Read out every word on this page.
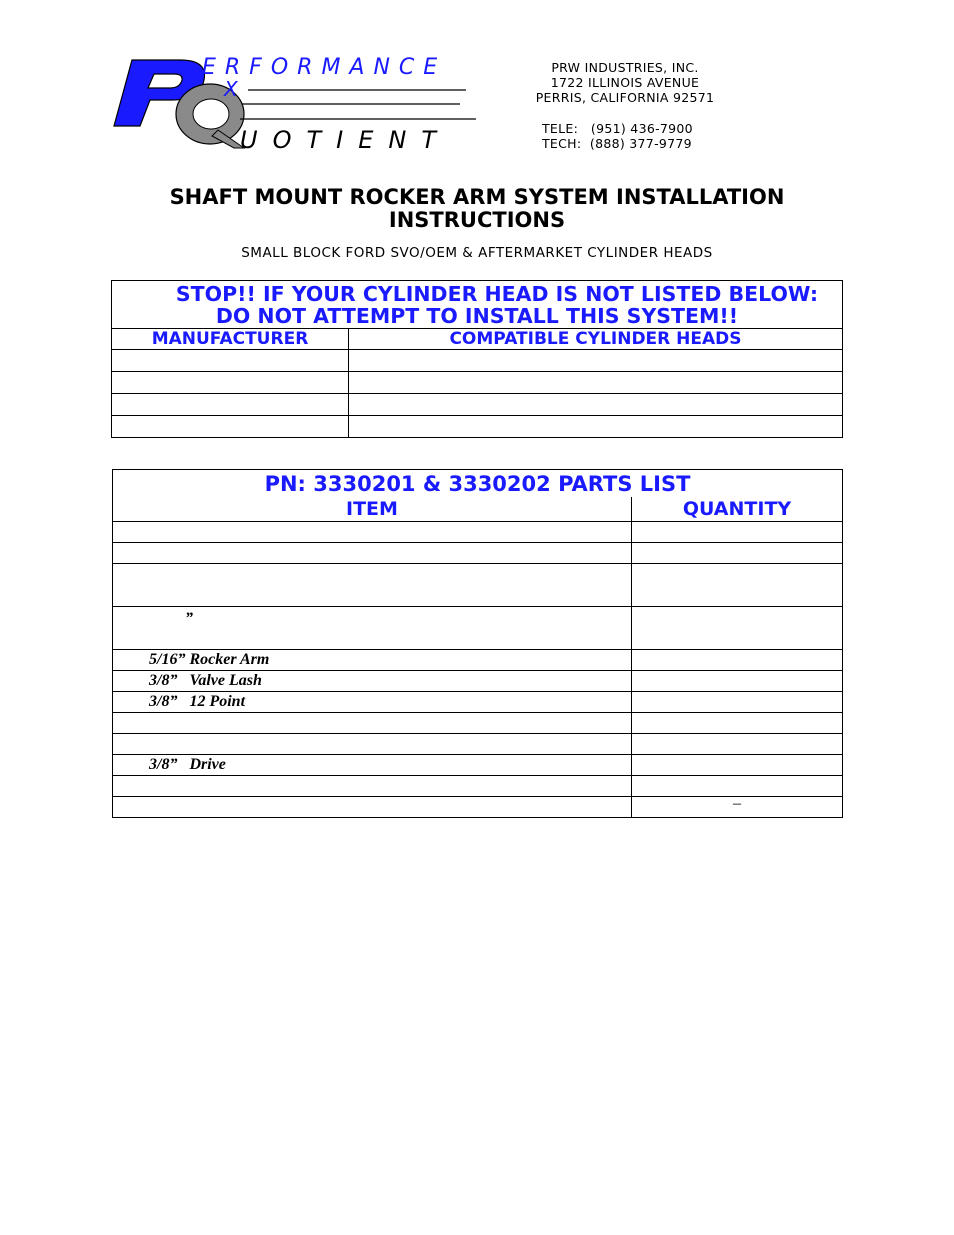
X
ERFORMANCE
UOTIENT
PRW INDUSTRIES, INC.
1722 ILLINOIS AVENUE
PERRIS, CALIFORNIA 92571
TELE:   (951) 436-7900
TECH:  (888) 377-9779
SHAFT MOUNT ROCKER ARM SYSTEM INSTALLATION
INSTRUCTIONS
SMALL BLOCK FORD SVO/OEM & AFTERMARKET CYLINDER HEADS
STOP!! IF YOUR CYLINDER HEAD IS NOT LISTED BELOW:
DO NOT ATTEMPT TO INSTALL THIS SYSTEM!!	

MANUFACTURER	COMPATIBLE CYLINDER HEADS

PN: 3330201 & 3330202 PARTS LIST	
ITEM	QUANTITY

”	
5/16” Rocker Arm	
3/8”   Valve Lash	
3/8”   12 Point	

3/8”   Drive	

	–
